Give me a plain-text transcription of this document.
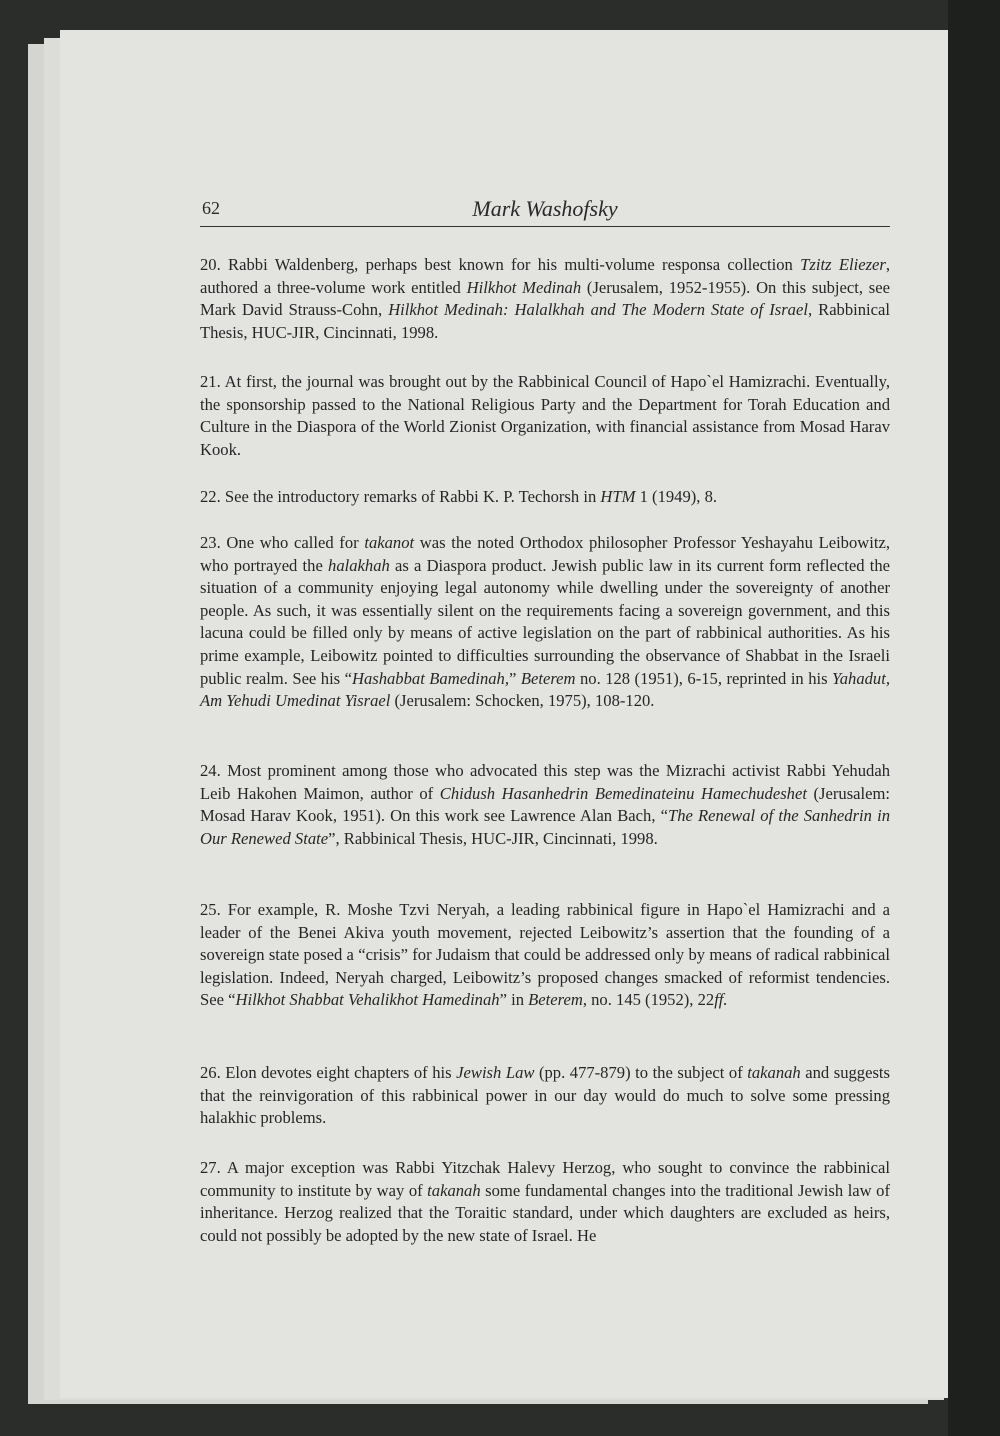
62	Mark Washofsky
20. Rabbi Waldenberg, perhaps best known for his multi-volume responsa collection Tzitz Eliezer, authored a three-volume work entitled Hilkhot Medinah (Jerusalem, 1952-1955). On this subject, see Mark David Strauss-Cohn, Hilkhot Medinah: Halalkhah and The Modern State of Israel, Rabbinical Thesis, HUC-JIR, Cincinnati, 1998.
21. At first, the journal was brought out by the Rabbinical Council of Hapo`el Hamizrachi. Eventually, the sponsorship passed to the National Religious Party and the Department for Torah Education and Culture in the Diaspora of the World Zionist Organization, with financial assistance from Mosad Harav Kook.
22. See the introductory remarks of Rabbi K. P. Techorsh in HTM 1 (1949), 8.
23. One who called for takanot was the noted Orthodox philosopher Professor Yeshayahu Leibowitz, who portrayed the halakhah as a Diaspora product. Jewish public law in its current form reflected the situation of a community enjoying legal autonomy while dwelling under the sovereignty of another people. As such, it was essentially silent on the requirements facing a sovereign government, and this lacuna could be filled only by means of active legislation on the part of rabbinical authorities. As his prime example, Leibowitz pointed to difficulties surrounding the observance of Shabbat in the Israeli public realm. See his “Hashabbat Bamedinah,” Beterem no. 128 (1951), 6-15, reprinted in his Yahadut, Am Yehudi Umedinat Yisrael (Jerusalem: Schocken, 1975), 108-120.
24. Most prominent among those who advocated this step was the Mizrachi activist Rabbi Yehudah Leib Hakohen Maimon, author of Chidush Hasanhedrin Bemedinateinu Hamechudeshet (Jerusalem: Mosad Harav Kook, 1951). On this work see Lawrence Alan Bach, “The Renewal of the Sanhedrin in Our Renewed State”, Rabbinical Thesis, HUC-JIR, Cincinnati, 1998.
25. For example, R. Moshe Tzvi Neryah, a leading rabbinical figure in Hapo`el Hamizrachi and a leader of the Benei Akiva youth movement, rejected Leibowitz’s assertion that the founding of a sovereign state posed a “crisis” for Judaism that could be addressed only by means of radical rabbinical legislation. Indeed, Neryah charged, Leibowitz’s proposed changes smacked of reformist tendencies. See “Hilkhot Shabbat Vehalikhot Hamedinah” in Beterem, no. 145 (1952), 22ff.
26. Elon devotes eight chapters of his Jewish Law (pp. 477-879) to the subject of takanah and suggests that the reinvigoration of this rabbinical power in our day would do much to solve some pressing halakhic problems.
27. A major exception was Rabbi Yitzchak Halevy Herzog, who sought to convince the rabbinical community to institute by way of takanah some fundamental changes into the traditional Jewish law of inheritance. Herzog realized that the Toraitic standard, under which daughters are excluded as heirs, could not possibly be adopted by the new state of Israel. He
